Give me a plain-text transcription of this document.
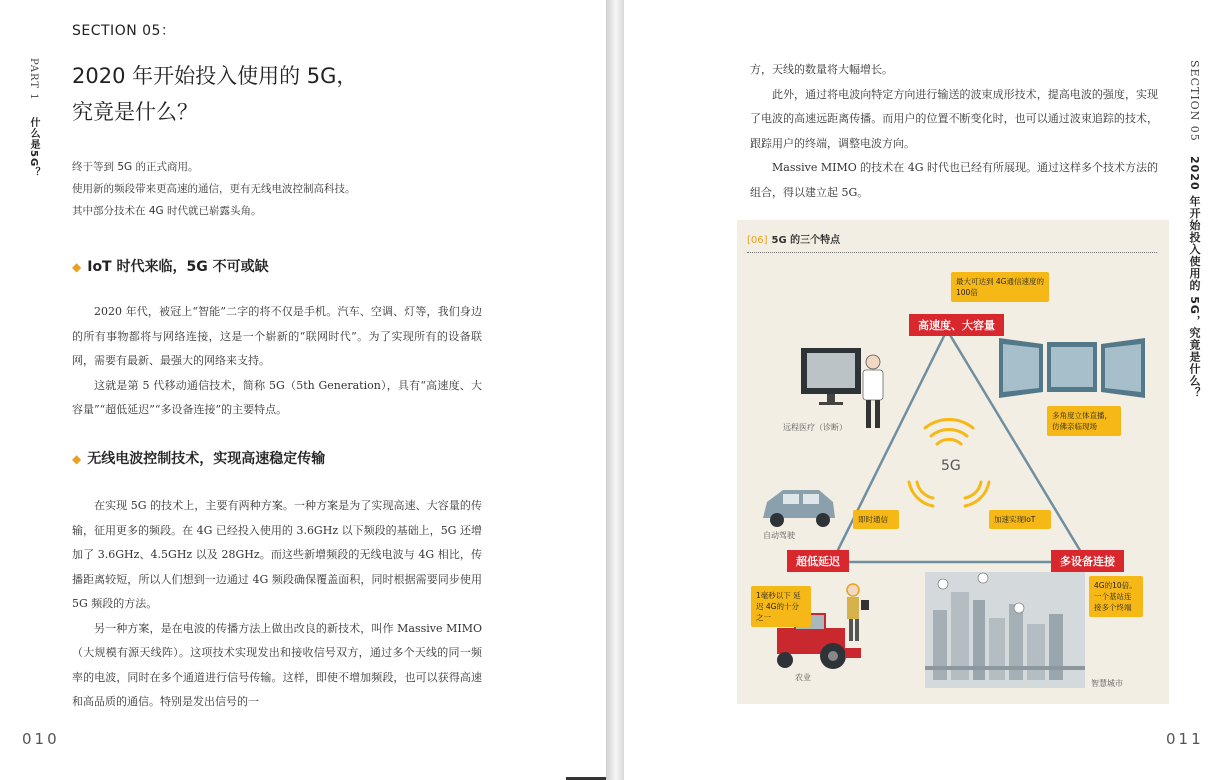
PART 1 什么是5G？
SECTION 05：
2020 年开始投入使用的 5G，
究竟是什么？
终于等到 5G 的正式商用。
使用新的频段带来更高速的通信，更有无线电波控制高科技。
其中部分技术在 4G 时代就已崭露头角。
◆ IoT 时代来临，5G 不可或缺

2020 年代，被冠上“智能”二字的将不仅是手机。汽车、空调、灯等，我们身边的所有事物都将与网络连接，这是一个崭新的“联网时代”。为了实现所有的设备联网，需要有最新、最强大的网络来支持。

这就是第 5 代移动通信技术，简称 5G（5th Generation），具有“高速度、大容量”“超低延迟”“多设备连接”的主要特点。

◆ 无线电波控制技术，实现高速稳定传输

在实现 5G 的技术上，主要有两种方案。一种方案是为了实现高速、大容量的传输，征用更多的频段。在 4G 已经投入使用的 3.6GHz 以下频段的基础上，5G 还增加了 3.6GHz、4.5GHz 以及 28GHz。而这些新增频段的无线电波与 4G 相比，传播距离较短，所以人们想到一边通过 4G 频段确保覆盖面积，同时根据需要同步使用 5G 频段的方法。

另一种方案，是在电波的传播方法上做出改良的新技术，叫作 Massive MIMO（大规模有源天线阵）。这项技术实现发出和接收信号双方，通过多个天线的同一频率的电波，同时在多个通道进行信号传输。这样，即使不增加频段，也可以获得高速和高品质的通信。特别是发出信号的一

010
SECTION 05 2020 年开始投入使用的 5G，究竟是什么？

方，天线的数量将大幅增长。

此外，通过将电波向特定方向进行输送的波束成形技术，提高电波的强度，实现了电波的高速远距离传播。而用户的位置不断变化时，也可以通过波束追踪的技术，跟踪用户的终端，调整电波方向。

Massive MIMO 的技术在 4G 时代也已经有所展现。通过这样多个技术方法的组合，得以建立起 5G。

[06] 5G 的三个特点
5G
高速度、大容量
超低延迟	多设备连接
最大可达到 4G通信速度的100倍
多角度立体直播，仿佛亲临现场
即时通信	加速实现IoT
1毫秒以下 延迟 4G的十分之一
4G的10倍。一个基站连接多个终端
远程医疗（诊断）
自动驾驶
农业
智慧城市
011
